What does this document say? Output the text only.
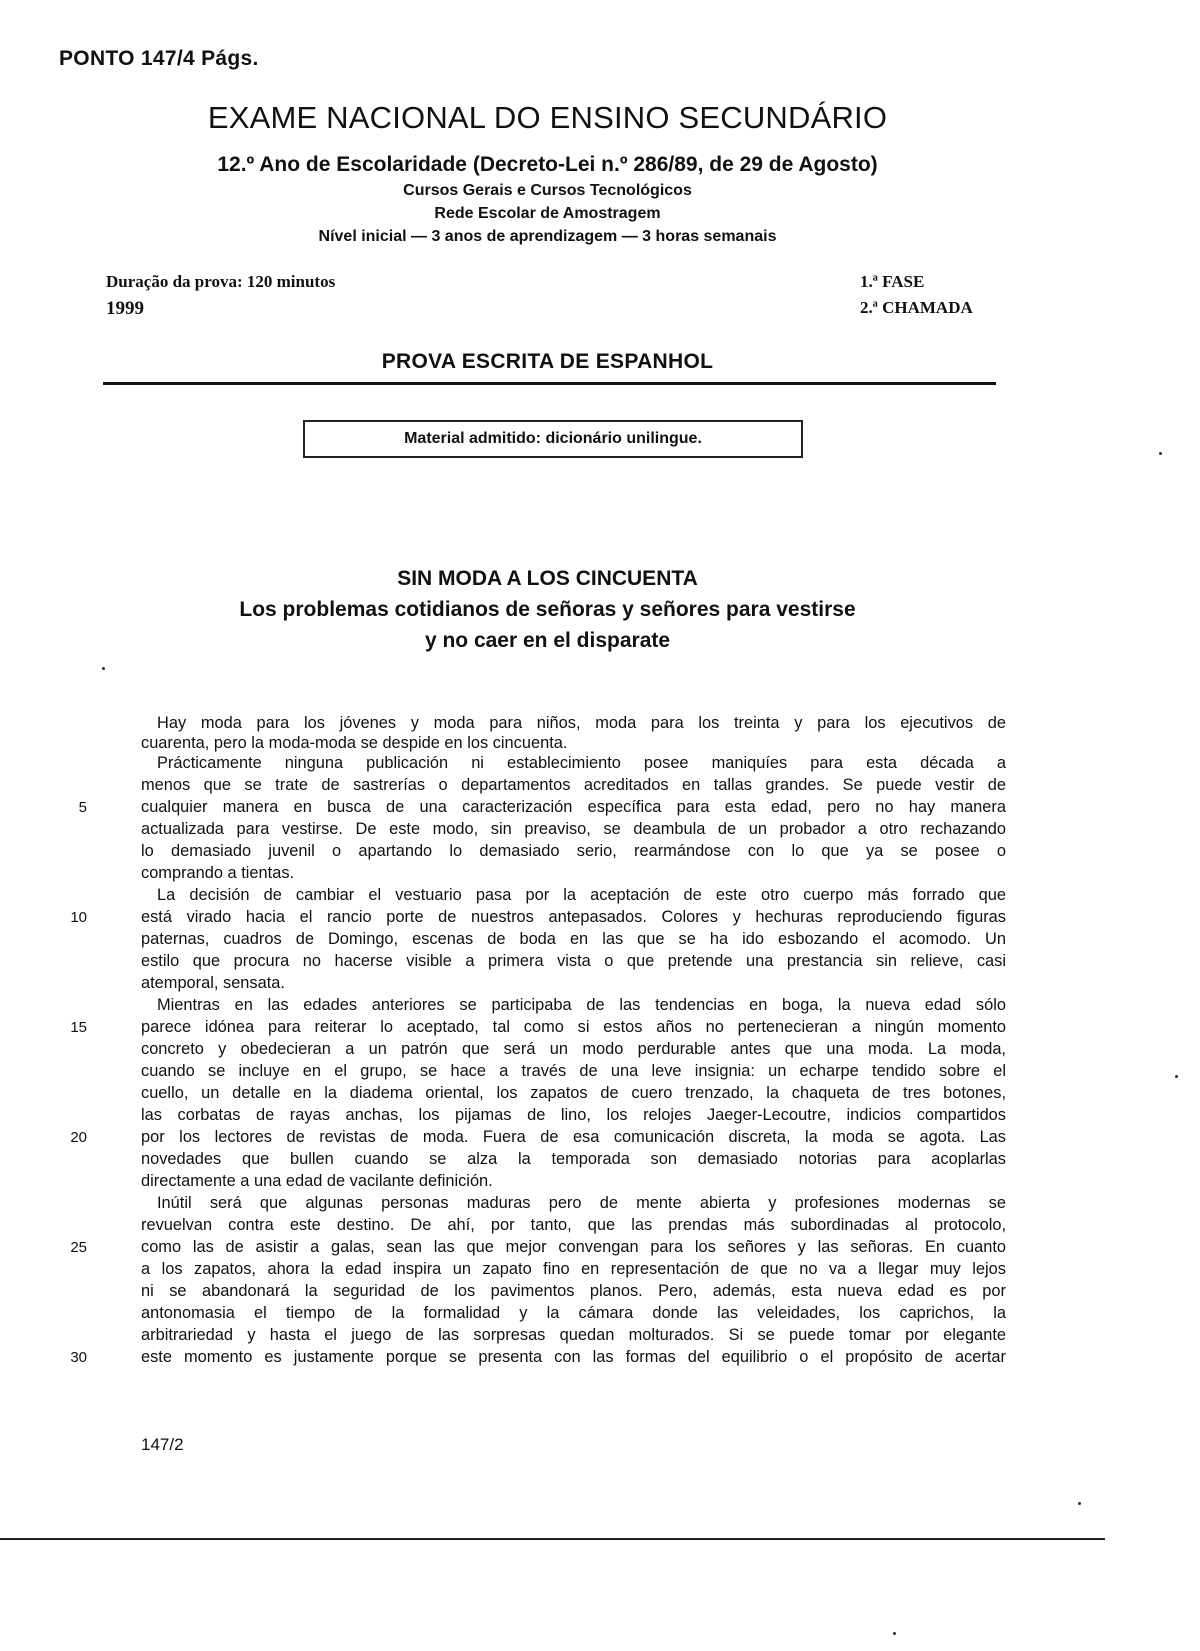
PONTO 147/4 Págs.
EXAME NACIONAL DO ENSINO SECUNDÁRIO
12.º Ano de Escolaridade (Decreto-Lei n.º 286/89, de 29 de Agosto)
Cursos Gerais e Cursos Tecnológicos
Rede Escolar de Amostragem
Nível inicial — 3 anos de aprendizagem — 3 horas semanais
Duração da prova: 120 minutos
1999
1.ª FASE
2.ª CHAMADA
PROVA ESCRITA DE ESPANHOL
Material admitido: dicionário unilingue.
SIN MODA A LOS CINCUENTA
Los problemas cotidianos de señoras y señores para vestirse
y no caer en el disparate
Hay moda para los jóvenes y moda para niños, moda para los treinta y para los ejecutivos de
cuarenta, pero la moda-moda se despide en los cincuenta.
Prácticamente ninguna publicación ni establecimiento posee maniquíes para esta década a
menos que se trate de sastrerías o departamentos acreditados en tallas grandes. Se puede vestir de
cualquier manera en busca de una caracterización específica para esta edad, pero no hay manera
actualizada para vestirse. De este modo, sin preaviso, se deambula de un probador a otro rechazando
lo demasiado juvenil o apartando lo demasiado serio, rearmándose con lo que ya se posee o
comprando a tientas.
La decisión de cambiar el vestuario pasa por la aceptación de este otro cuerpo más forrado que
está virado hacia el rancio porte de nuestros antepasados. Colores y hechuras reproduciendo figuras
paternas, cuadros de Domingo, escenas de boda en las que se ha ido esbozando el acomodo. Un
estilo que procura no hacerse visible a primera vista o que pretende una prestancia sin relieve, casi
atemporal, sensata.
Mientras en las edades anteriores se participaba de las tendencias en boga, la nueva edad sólo
parece idónea para reiterar lo aceptado, tal como si estos años no pertenecieran a ningún momento
concreto y obedecieran a un patrón que será un modo perdurable antes que una moda. La moda,
cuando se incluye en el grupo, se hace a través de una leve insignia: un echarpe tendido sobre el
cuello, un detalle en la diadema oriental, los zapatos de cuero trenzado, la chaqueta de tres botones,
las corbatas de rayas anchas, los pijamas de lino, los relojes Jaeger-Lecoutre, indicios compartidos
por los lectores de revistas de moda. Fuera de esa comunicación discreta, la moda se agota. Las
novedades que bullen cuando se alza la temporada son demasiado notorias para acoplarlas
directamente a una edad de vacilante definición.
Inútil será que algunas personas maduras pero de mente abierta y profesiones modernas se
revuelvan contra este destino. De ahí, por tanto, que las prendas más subordinadas al protocolo,
como las de asistir a galas, sean las que mejor convengan para los señores y las señoras. En cuanto
a los zapatos, ahora la edad inspira un zapato fino en representación de que no va a llegar muy lejos
ni se abandonará la seguridad de los pavimentos planos. Pero, además, esta nueva edad es por
antonomasia el tiempo de la formalidad y la cámara donde las veleidades, los caprichos, la
arbitrariedad y hasta el juego de las sorpresas quedan molturados. Si se puede tomar por elegante
este momento es justamente porque se presenta con las formas del equilibrio o el propósito de acertar
5
10
15
20
25
30
147/2
